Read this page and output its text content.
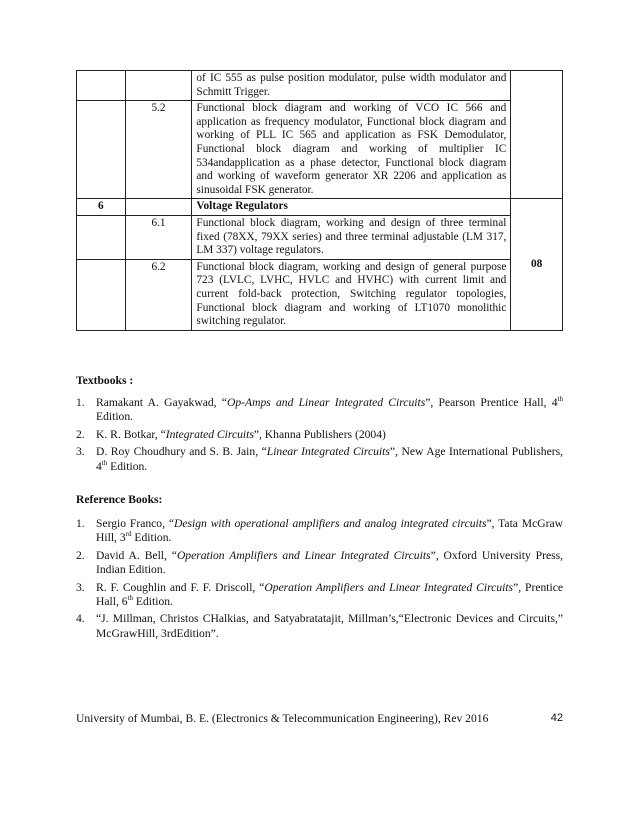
		of IC 555 as pulse position modulator, pulse width modulator and Schmitt Trigger.	
	5.2	Functional block diagram and working of VCO IC 566 and application as frequency modulator, Functional block diagram and working of PLL IC 565 and application as FSK Demodulator, Functional block diagram and working of multiplier IC 534andapplication as a phase detector, Functional block diagram and working of waveform generator XR 2206 and application as sinusoidal FSK generator.	
6		Voltage Regulators	08
	6.1	Functional block diagram, working and design of three terminal fixed (78XX, 79XX series) and three terminal adjustable (LM 317, LM 337) voltage regulators.	
	6.2	Functional block diagram, working and design of general purpose 723 (LVLC, LVHC, HVLC and HVHC) with current limit and current fold-back protection, Switching regulator topologies, Functional block diagram and working of LT1070 monolithic switching regulator.	
Textbooks :
1. Ramakant A. Gayakwad, “Op-Amps and Linear Integrated Circuits”, Pearson Prentice Hall, 4th Edition.
2. K. R. Botkar, “Integrated Circuits”, Khanna Publishers (2004)
3. D. Roy Choudhury and S. B. Jain, “Linear Integrated Circuits”, New Age International Publishers, 4th Edition.
Reference Books:
1. Sergio Franco, “Design with operational amplifiers and analog integrated circuits”, Tata McGraw Hill, 3rd Edition.
2. David A. Bell, “Operation Amplifiers and Linear Integrated Circuits”, Oxford University Press, Indian Edition.
3. R. F. Coughlin and F. F. Driscoll, “Operation Amplifiers and Linear Integrated Circuits”, Prentice Hall, 6th Edition.
4. “J. Millman, Christos CHalkias, and Satyabratatajit, Millman’s,“Electronic Devices and Circuits,” McGrawHill, 3rdEdition”.
University of Mumbai, B. E. (Electronics & Telecommunication Engineering), Rev 2016	42
